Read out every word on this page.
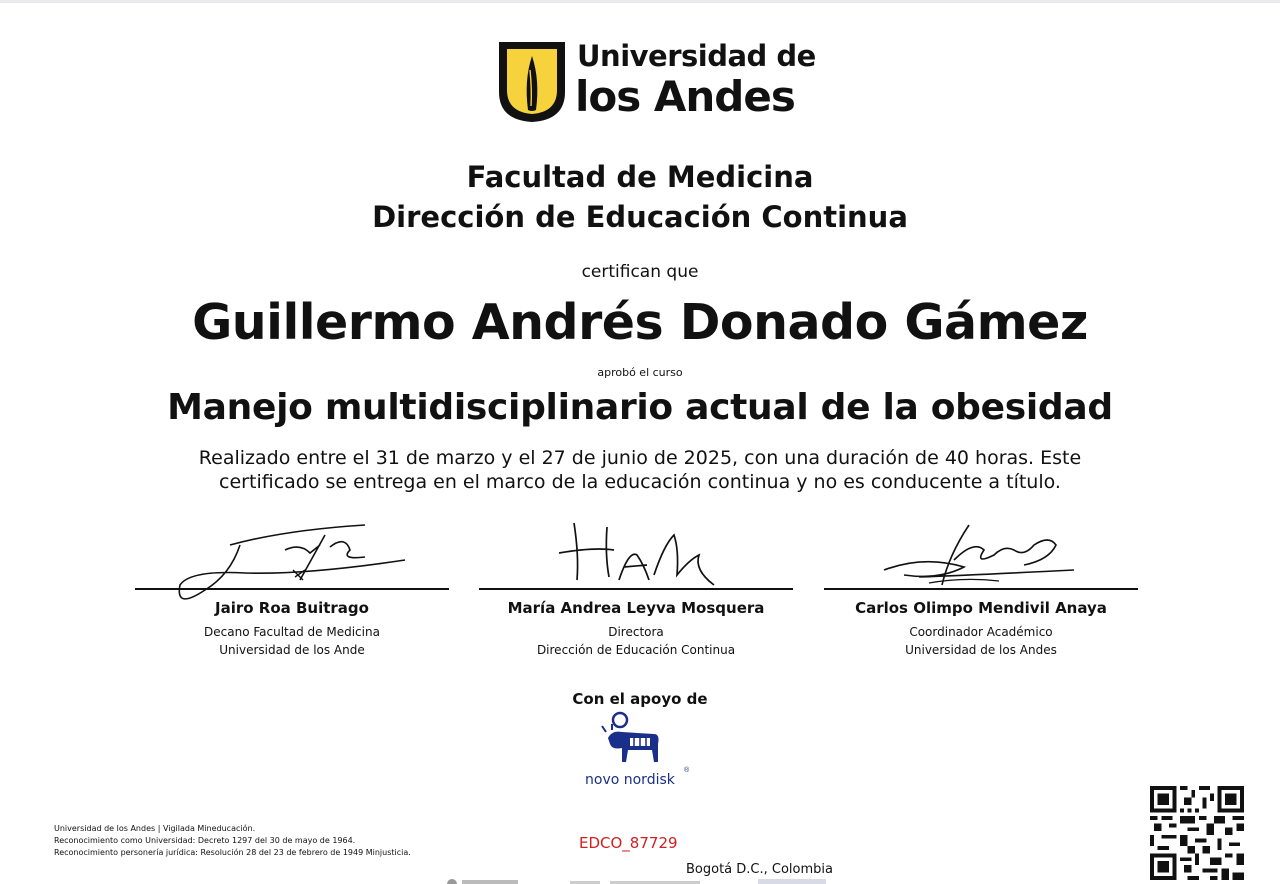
Universidad de
los Andes
Facultad de Medicina
Dirección de Educación Continua
certifican que
Guillermo Andrés Donado Gámez
aprobó el curso
Manejo multidisciplinario actual de la obesidad
Realizado entre el 31 de marzo y el 27 de junio de 2025, con una duración de 40 horas. Este
certificado se entrega en el marco de la educación continua y no es conducente a título.
Jairo Roa Buitrago
Decano Facultad de Medicina
Universidad de los Ande
María Andrea Leyva Mosquera
Directora
Dirección de Educación Continua
Carlos Olimpo Mendivil Anaya
Coordinador Académico
Universidad de los Andes
Con el apoyo de
novo nordisk
®
Universidad de los Andes | Vigilada Mineducación.
Reconocimiento como Universidad: Decreto 1297 del 30 de mayo de 1964.
Reconocimiento personería jurídica: Resolución 28 del 23 de febrero de 1949 Minjusticia.
EDCO_87729
Bogotá D.C., Colombia
